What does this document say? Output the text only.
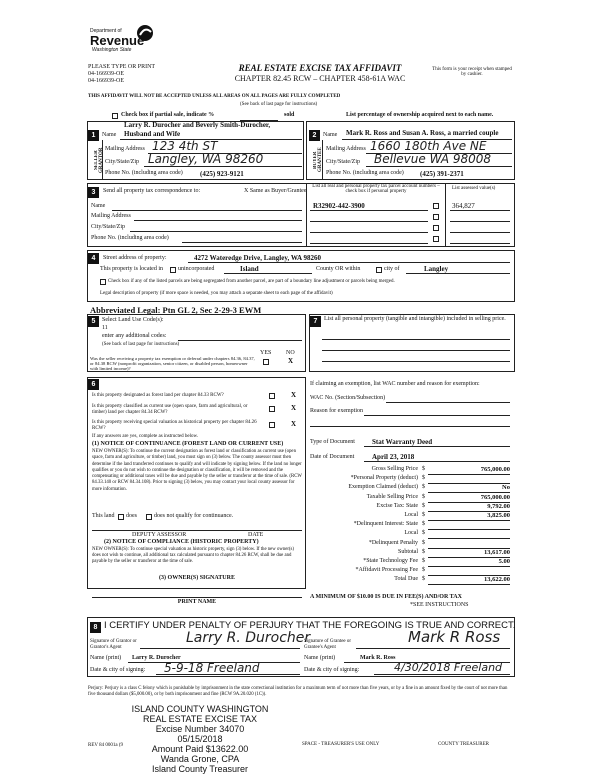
Department of
Revenue
Washington State
PLEASE TYPE OR PRINT
04-166939-OE
04-166939-OE
REAL ESTATE EXCISE TAX AFFIDAVIT
CHAPTER 82.45 RCW – CHAPTER 458-61A WAC
This form is your receipt when stamped by cashier.
THIS AFFIDAVIT WILL NOT BE ACCEPTED UNLESS ALL AREAS ON ALL PAGES ARE FULLY COMPLETED
(See back of last page for instructions)
Check box if partial sale, indicate %	sold	List percentage of ownership acquired next to each name.
SELLER GRANTOR	BUYER GRANTEE
1	Name
Larry R. Durocher and Beverly Smith-Durocher,
Husband and Wife
Mailing Address 123 4th ST
City/State/Zip Langley, WA 98260
Phone No. (including area code) (425) 923-9121
2	Name Mark R. Ross and Susan A. Ross, a married couple
Mailing Address 1660 180th Ave NE
City/State/Zip Bellevue WA 98008
Phone No. (including area code) (425) 391-2371
3	Send all property tax correspondence to:	X Same as Buyer/Grantee
Name
Mailing Address
City/State/Zip
Phone No. (including area code)
List all real and personal property tax parcel account numbers – check box if personal property
List assessed value(s)
R32902-442-3900	364,827
4	Street address of property:	4272 Wateredge Drive, Langley, WA 98260
This property is located in	unincorporated	Island	County OR within	city of	Langley
Check box if any of the listed parcels are being segregated from another parcel, are part of a boundary line adjustment or parcels being merged.
Legal description of property (if more space is needed, you may attach a separate sheet to each page of the affidavit)
Abbreviated Legal: Ptn GL 2, Sec 2-29-3 EWM
5	Select Land Use Code(s):
11
enter any additional codes:
(See back of last page for instructions)
YES NO
Was the seller receiving a property tax exemption or deferral under chapters 84.36, 84.37, or 84.38 RCW (nonprofit organization, senior citizen, or disabled person, homeowner with limited income)?
X
6
Is this property designated as forest land per chapter 84.33 RCW?	X
Is this property classified as current use (open space, farm and agricultural, or timber) land per chapter 84.34 RCW?
X
Is this property receiving special valuation as historical property per chapter 84.26 RCW?
X
If any answers are yes, complete as instructed below.
(1) NOTICE OF CONTINUANCE (FOREST LAND OR CURRENT USE)
NEW OWNER(S): To continue the current designation as forest land or classification as current use (open space, farm and agriculture, or timber) land, you must sign on (3) below. The county assessor must then determine if the land transferred continues to qualify and will indicate by signing below. If the land no longer qualifies or you do not wish to continue the designation or classification, it will be removed and the compensating or additional taxes will be due and payable by the seller or transferor at the time of sale. (RCW 84.33.140 or RCW 84.34.108). Prior to signing (3) below, you may contact your local county assessor for more information.
This land does	does not qualify for continuance.
DEPUTY ASSESSOR	DATE
(2) NOTICE OF COMPLIANCE (HISTORIC PROPERTY)
NEW OWNER(S): To continue special valuation as historic property, sign (3) below. If the new owner(s) does not wish to continue, all additional tax calculated pursuant to chapter 84.26 RCW, shall be due and payable by the seller or transferor at the time of sale.
(3) OWNER(S) SIGNATURE
PRINT NAME
7	List all personal property (tangible and intangible) included in selling price.
If claiming an exemption, list WAC number and reason for exemption:
WAC No. (Section/Subsection)
Reason for exemption
Type of Document Stat Warranty Deed
Date of Document	April 23, 2018
Gross Selling Price $	765,000.00
*Personal Property (deduct) $
Exemption Claimed (deduct) $	No
Taxable Selling Price $	765,000.00
Excise Tax: State $	9,792.00
Local $	3,825.00
*Delinquent Interest: State $
Local $
*Delinquent Penalty $
Subtotal $	13,617.00
*State Technology Fee $	5.00
*Affidavit Processing Fee $
Total Due $	13,622.00
A MINIMUM OF $10.00 IS DUE IN FEE(S) AND/OR TAX
*SEE INSTRUCTIONS
8 I CERTIFY UNDER PENALTY OF PERJURY THAT THE FOREGOING IS TRUE AND CORRECT.
Signature of Grantor or Grantor's Agent
Larry R. Durocher
Signature of Grantee or Grantee's Agent
Mark R Ross
Name (print) Larry R. Durocher	Name (print)	Mark R. Ross
Date & city of signing: 5-9-18 Freeland	Date & city of signing:	4/30/2018 Freeland
Perjury: Perjury is a class C felony which is punishable by imprisonment in the state correctional institution for a maximum term of not more than five years, or by a fine in an amount fixed by the court of not more than five thousand dollars ($5,000.00), or by both imprisonment and fine (RCW 9A.20.020 (1C)).
ISLAND COUNTY WASHINGTON
REAL ESTATE EXCISE TAX
Excise Number 34070
05/15/2018
Amount Paid $13622.00
Wanda Grone, CPA
Island County Treasurer
REV 84 0001a (9	SPACE - TREASURER'S USE ONLY	COUNTY TREASURER
